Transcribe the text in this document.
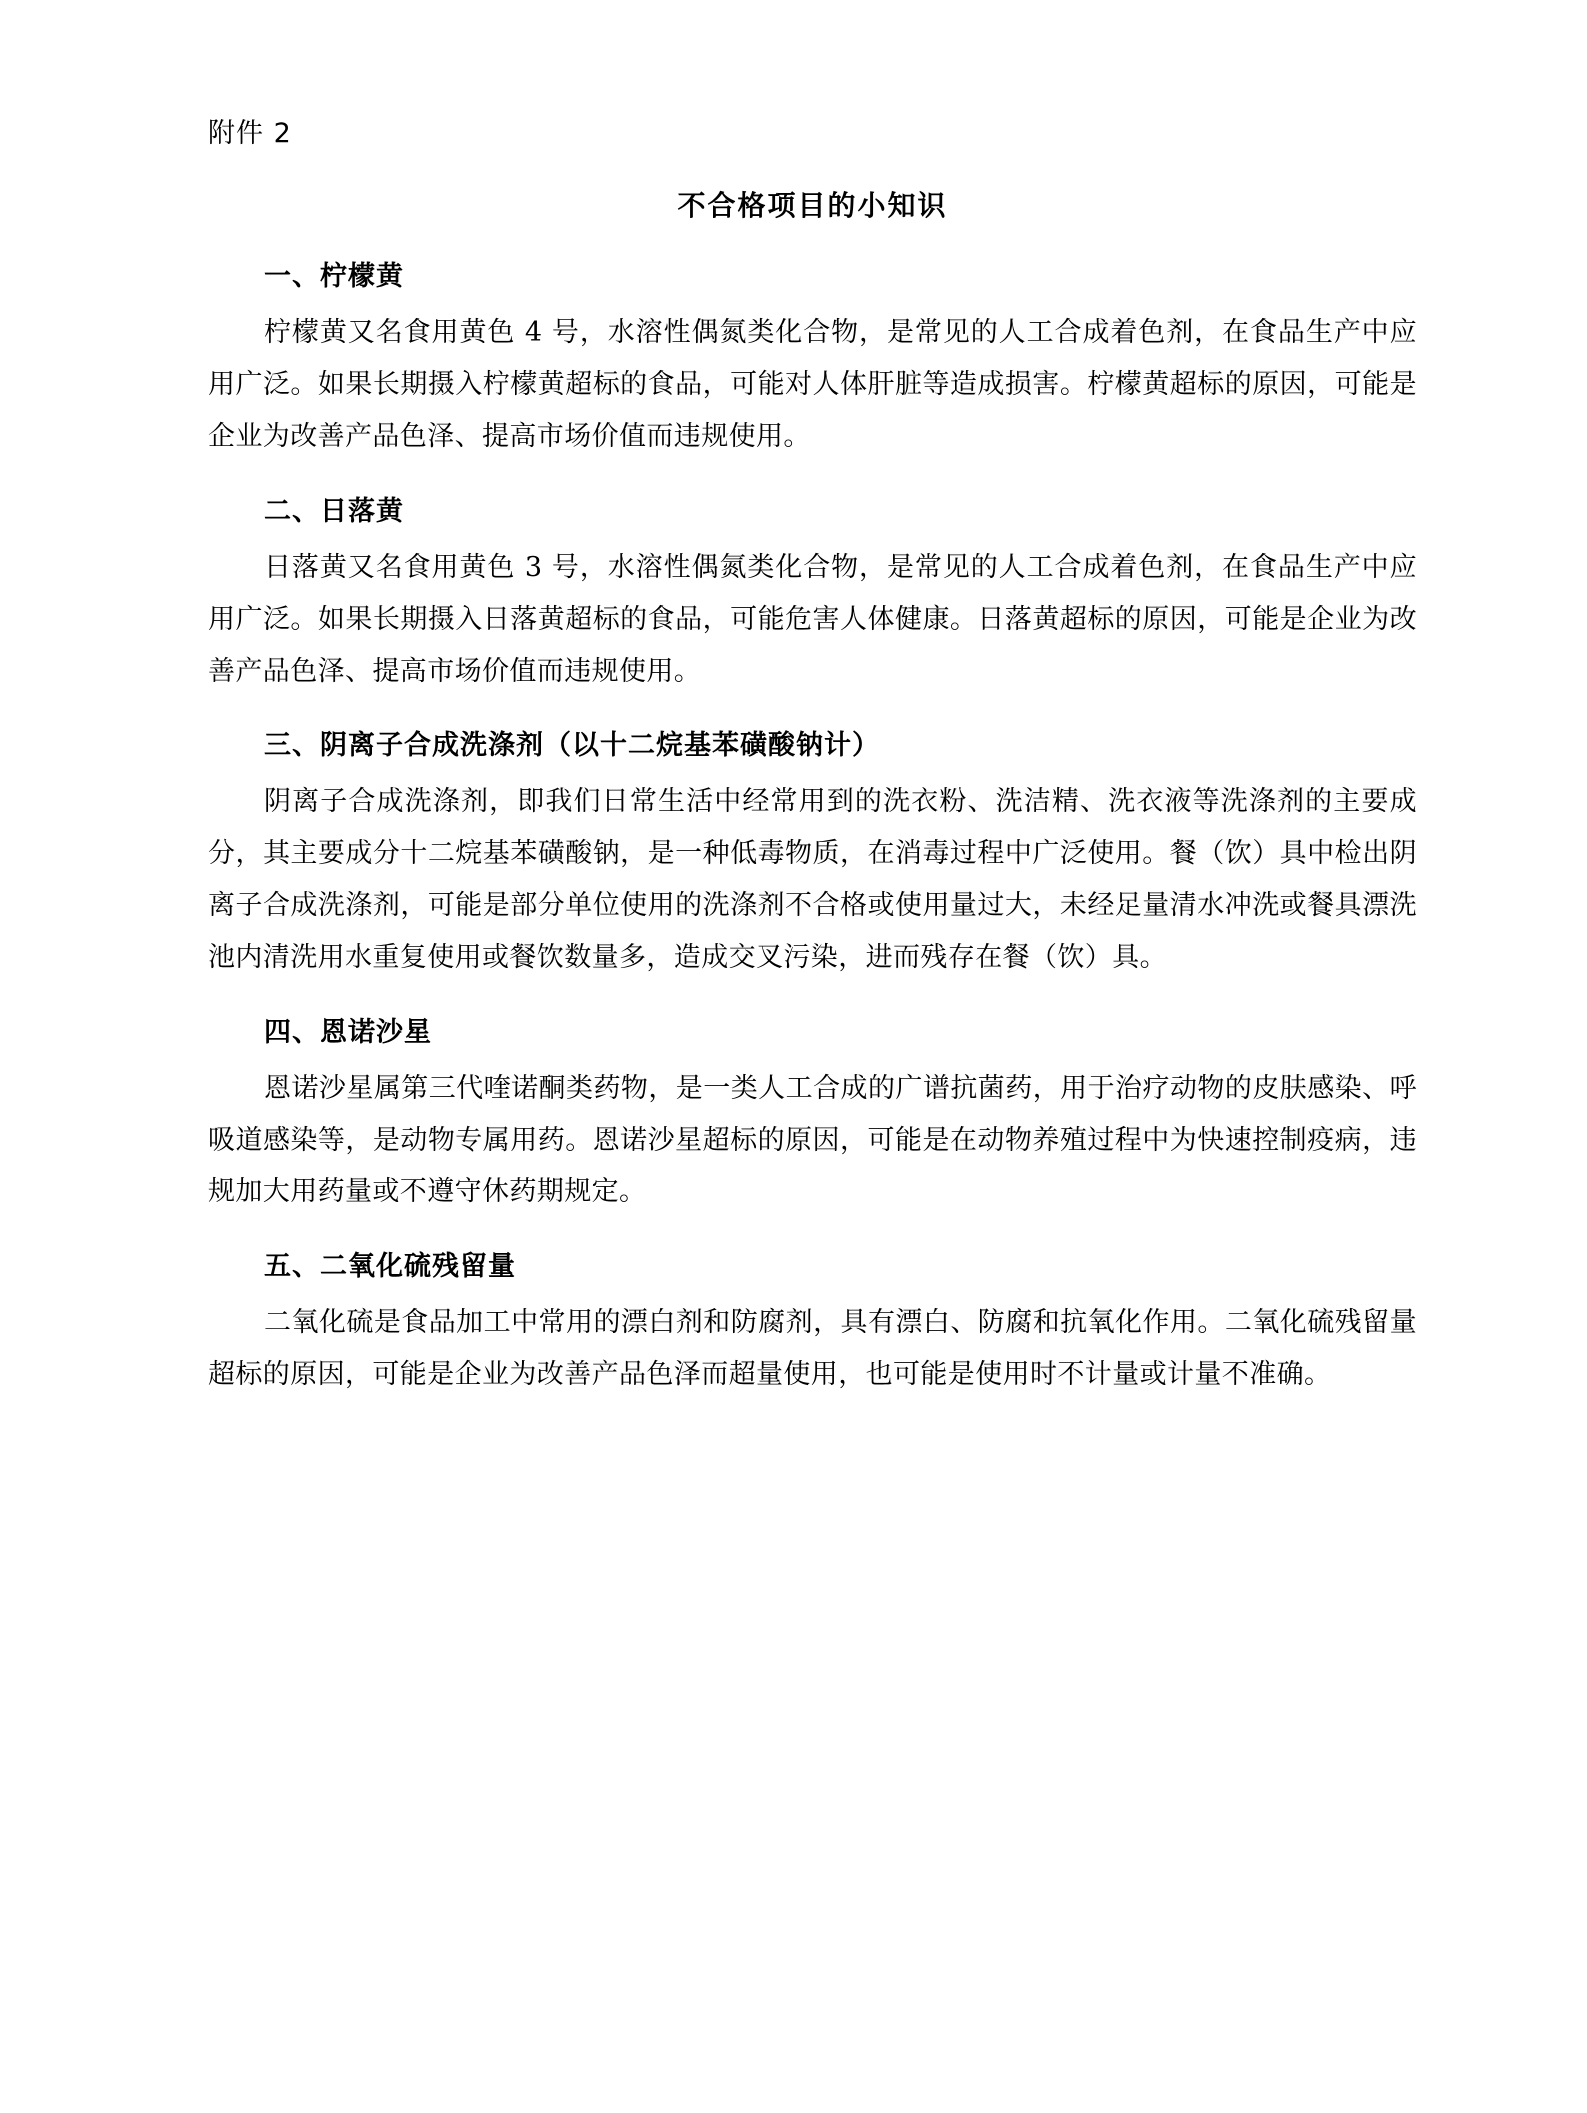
附件 2
不合格项目的小知识
一、柠檬黄

柠檬黄又名食用黄色 4 号，水溶性偶氮类化合物，是常见的人工合成着色剂，在食品生产中应用广泛。如果长期摄入柠檬黄超标的食品，可能对人体肝脏等造成损害。柠檬黄超标的原因，可能是企业为改善产品色泽、提高市场价值而违规使用。

二、日落黄

日落黄又名食用黄色 3 号，水溶性偶氮类化合物，是常见的人工合成着色剂，在食品生产中应用广泛。如果长期摄入日落黄超标的食品，可能危害人体健康。日落黄超标的原因，可能是企业为改善产品色泽、提高市场价值而违规使用。

三、阴离子合成洗涤剂（以十二烷基苯磺酸钠计）

阴离子合成洗涤剂，即我们日常生活中经常用到的洗衣粉、洗洁精、洗衣液等洗涤剂的主要成分，其主要成分十二烷基苯磺酸钠，是一种低毒物质，在消毒过程中广泛使用。餐（饮）具中检出阴离子合成洗涤剂，可能是部分单位使用的洗涤剂不合格或使用量过大，未经足量清水冲洗或餐具漂洗池内清洗用水重复使用或餐饮数量多，造成交叉污染，进而残存在餐（饮）具。

四、恩诺沙星

恩诺沙星属第三代喹诺酮类药物，是一类人工合成的广谱抗菌药，用于治疗动物的皮肤感染、呼吸道感染等，是动物专属用药。恩诺沙星超标的原因，可能是在动物养殖过程中为快速控制疫病，违规加大用药量或不遵守休药期规定。

五、二氧化硫残留量

二氧化硫是食品加工中常用的漂白剂和防腐剂，具有漂白、防腐和抗氧化作用。二氧化硫残留量超标的原因，可能是企业为改善产品色泽而超量使用，也可能是使用时不计量或计量不准确。
